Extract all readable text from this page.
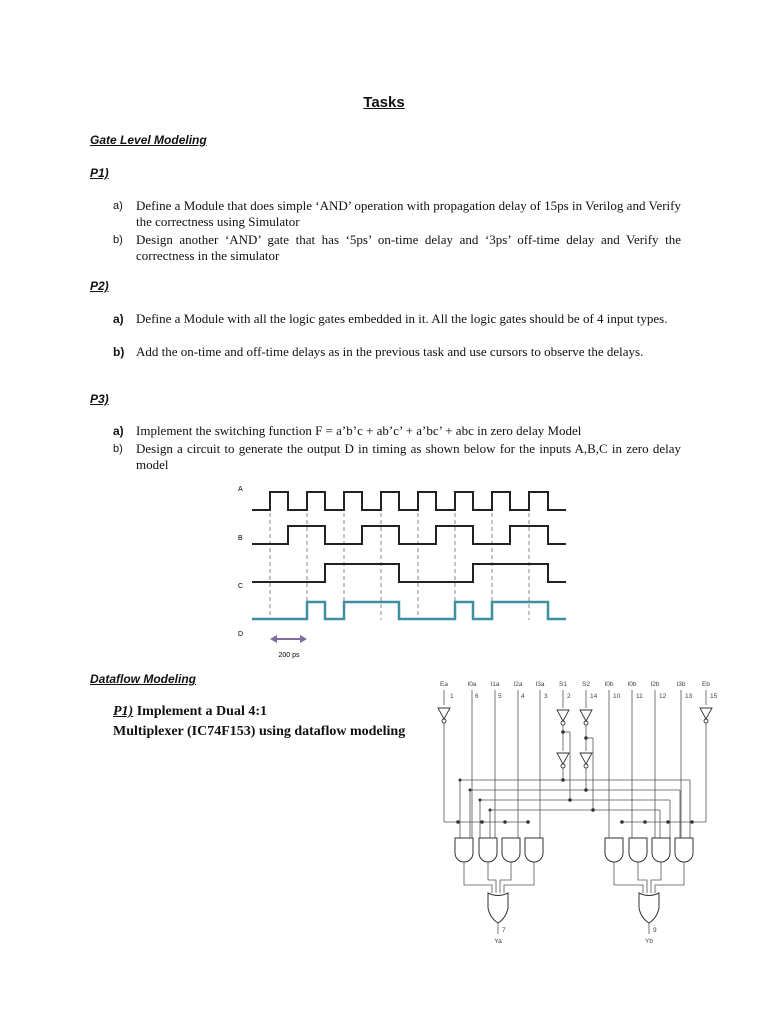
Tasks
Gate Level Modeling
P1)
a) Define a Module that does simple ‘AND’ operation with propagation delay of 15ps in Verilog and Verify the correctness using Simulator
b) Design another ‘AND’ gate that has ‘5ps’ on-time delay and ‘3ps’ off-time delay and Verify the correctness in the simulator
P2)
a) Define a Module with all the logic gates embedded in it. All the logic gates should be of 4 input types.
b) Add the on-time and off-time delays as in the previous task and use cursors to observe the delays.
P3)
a) Implement the switching function F = a’b’c + ab’c’ + a’bc’ + abc in zero delay Model
b) Design a circuit to generate the output D in timing as shown below for the inputs A,B,C in zero delay model
A
B
C
D
200 ps
Dataflow Modeling
P1) Implement a Dual 4:1
Multiplexer (IC74F153) using dataflow modeling
Ea	I0a I1a I2a I3a S1 S2 I0b I0b I2b	I3b	Eb
1	6	5	4	3	2	14 10 11	12	13	15
7
Ya
9
Yb
